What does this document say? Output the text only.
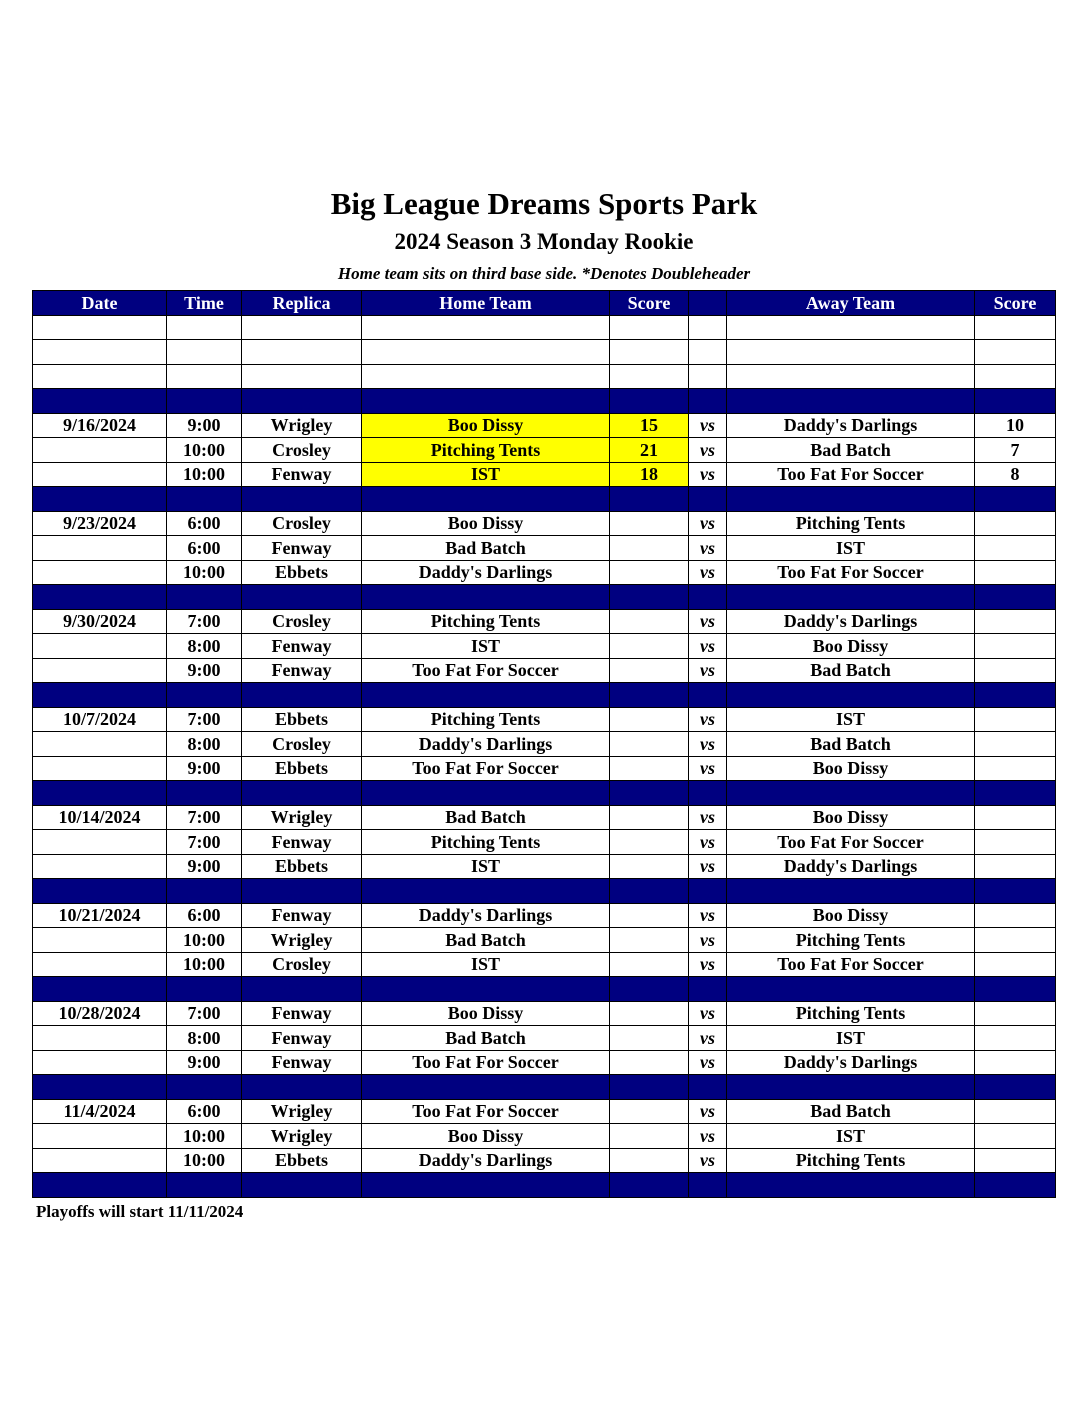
Big League Dreams Sports Park
2024 Season 3 Monday Rookie
Home team sits on third base side. *Denotes Doubleheader
Date	Time	Replica	Home Team	Score		Away Team	Score

9/16/2024	9:00	Wrigley	Boo Dissy	15	vs	Daddy's Darlings	10
	10:00	Crosley	Pitching Tents	21	vs	Bad Batch	7
	10:00	Fenway	IST	18	vs	Too Fat For Soccer	8

9/23/2024	6:00	Crosley	Boo Dissy		vs	Pitching Tents	
	6:00	Fenway	Bad Batch		vs	IST	
	10:00	Ebbets	Daddy's Darlings		vs	Too Fat For Soccer	

9/30/2024	7:00	Crosley	Pitching Tents		vs	Daddy's Darlings	
	8:00	Fenway	IST		vs	Boo Dissy	
	9:00	Fenway	Too Fat For Soccer		vs	Bad Batch	

10/7/2024	7:00	Ebbets	Pitching Tents		vs	IST	
	8:00	Crosley	Daddy's Darlings		vs	Bad Batch	
	9:00	Ebbets	Too Fat For Soccer		vs	Boo Dissy	

10/14/2024	7:00	Wrigley	Bad Batch		vs	Boo Dissy	
	7:00	Fenway	Pitching Tents		vs	Too Fat For Soccer	
	9:00	Ebbets	IST		vs	Daddy's Darlings	

10/21/2024	6:00	Fenway	Daddy's Darlings		vs	Boo Dissy	
	10:00	Wrigley	Bad Batch		vs	Pitching Tents	
	10:00	Crosley	IST		vs	Too Fat For Soccer	

10/28/2024	7:00	Fenway	Boo Dissy		vs	Pitching Tents	
	8:00	Fenway	Bad Batch		vs	IST	
	9:00	Fenway	Too Fat For Soccer		vs	Daddy's Darlings	

11/4/2024	6:00	Wrigley	Too Fat For Soccer		vs	Bad Batch	
	10:00	Wrigley	Boo Dissy		vs	IST	
	10:00	Ebbets	Daddy's Darlings		vs	Pitching Tents	

Playoffs will start 11/11/2024
